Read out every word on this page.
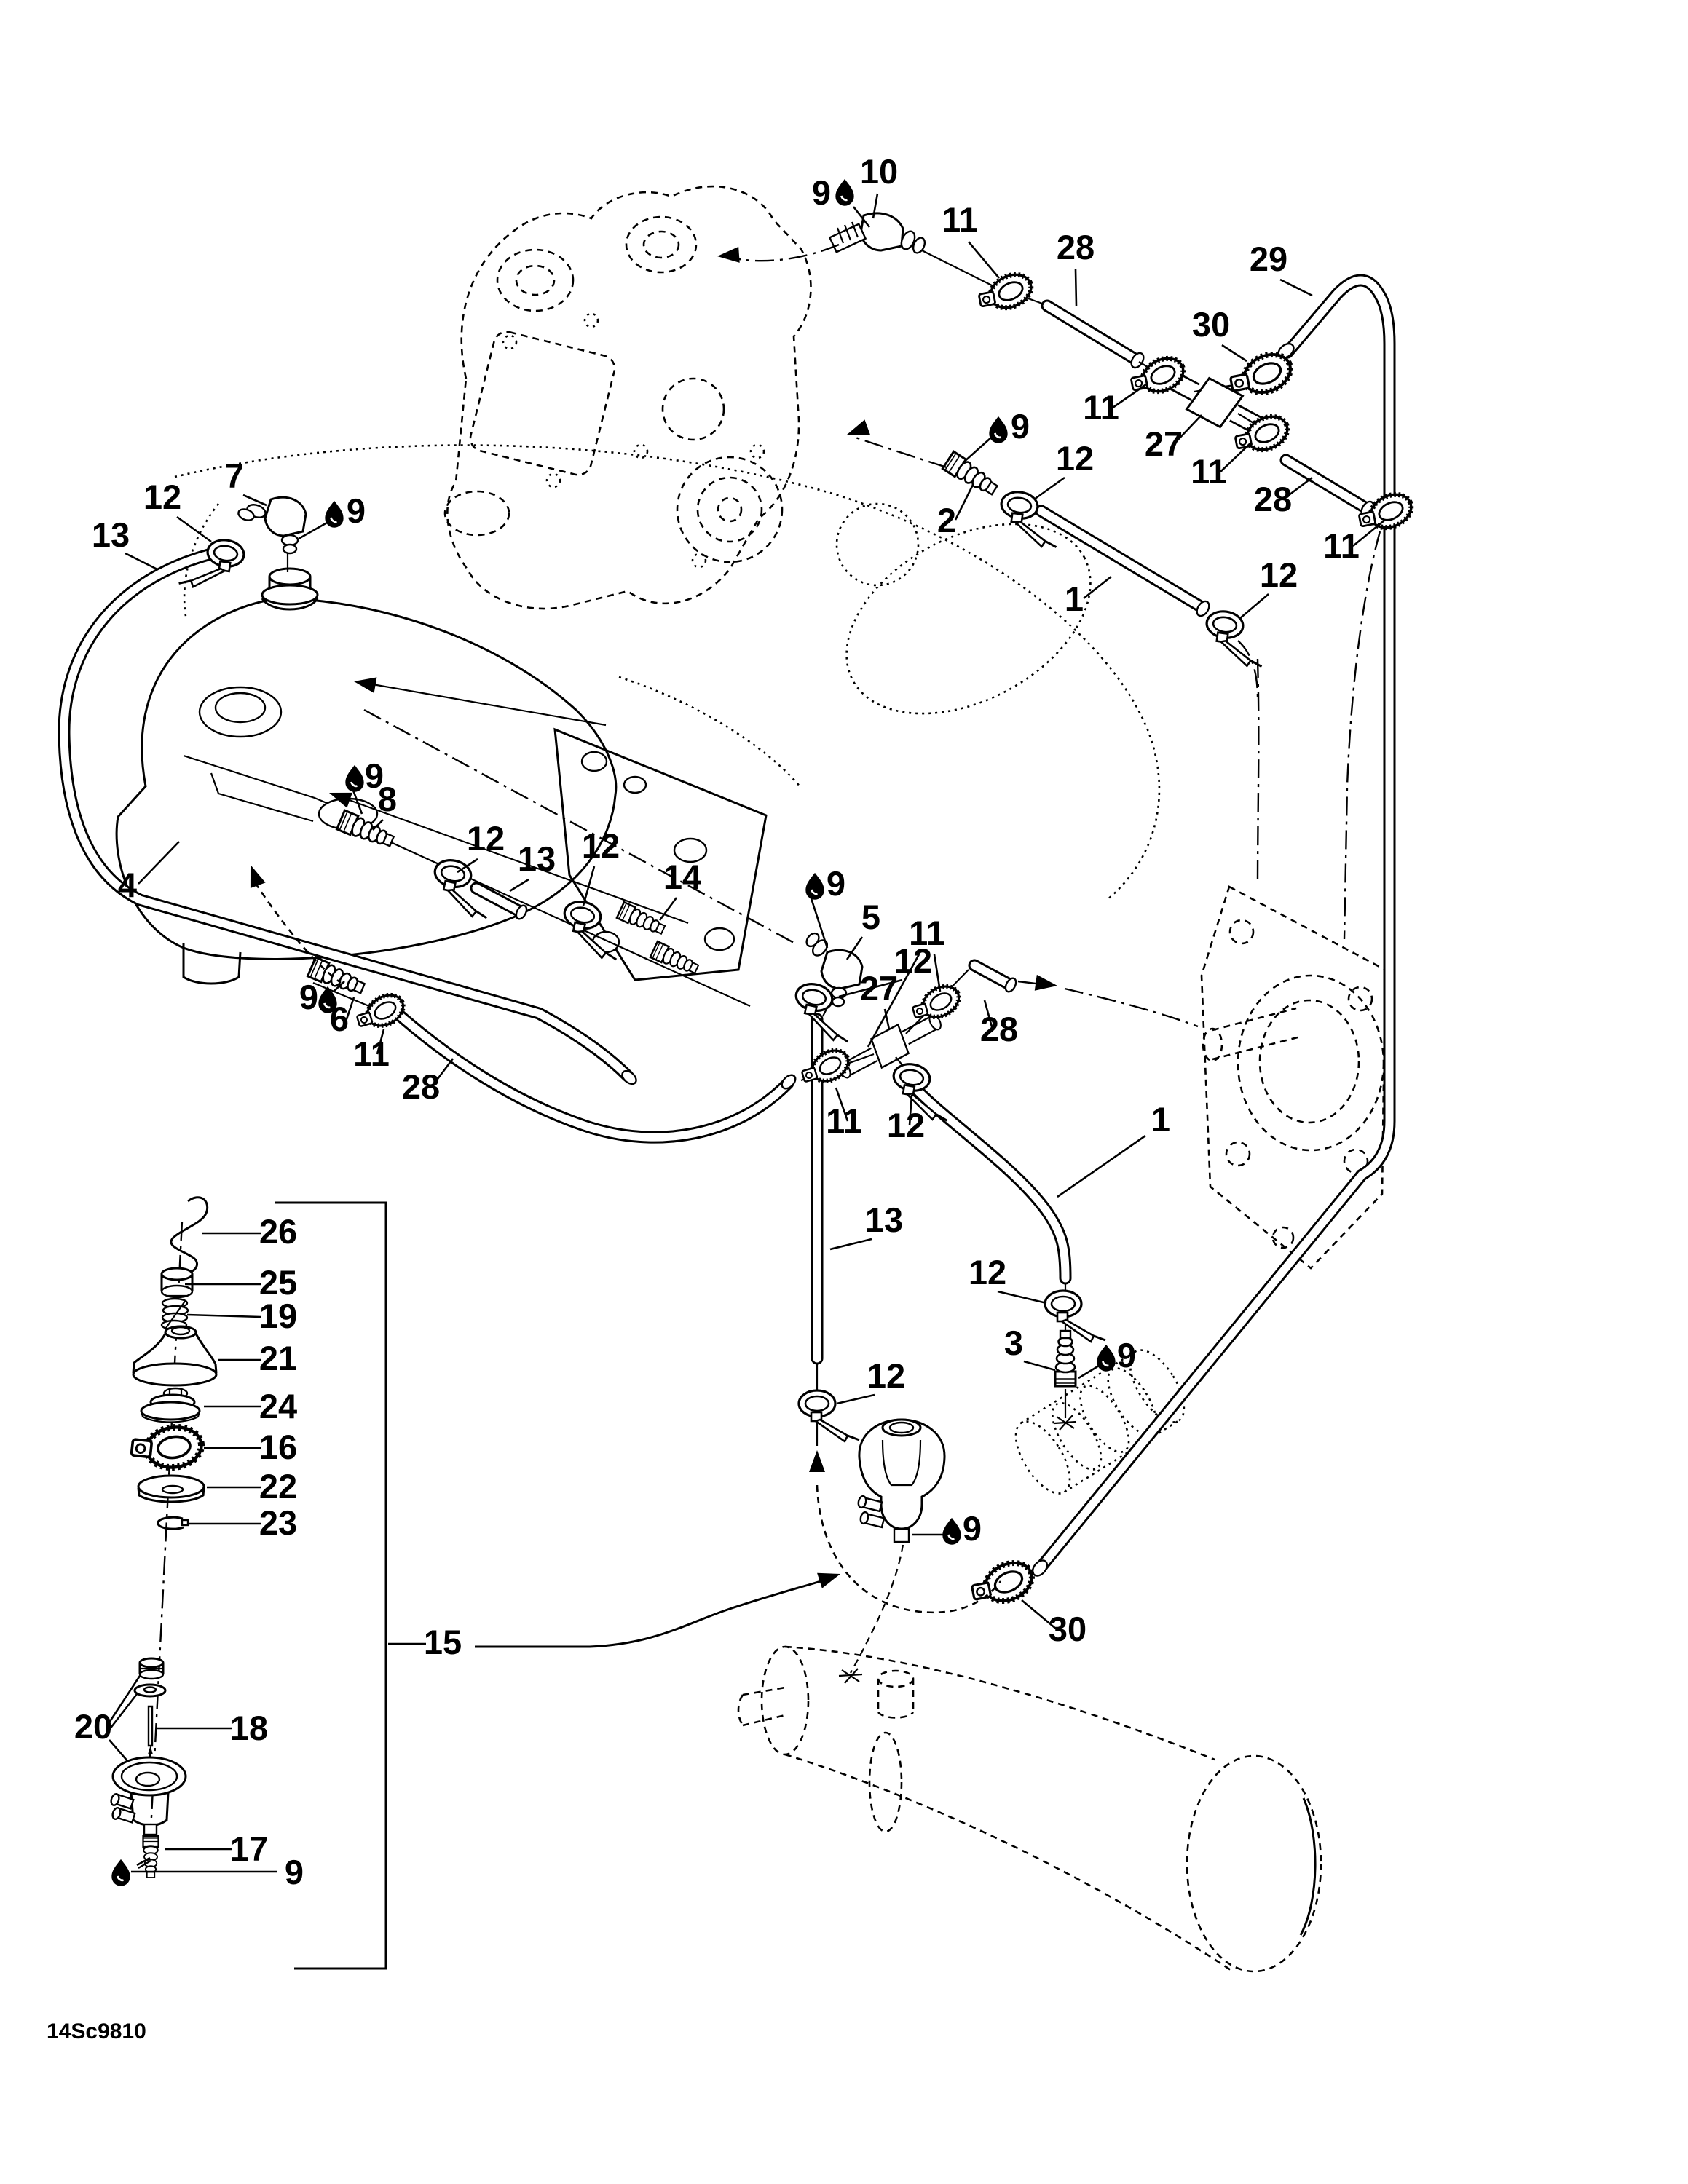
9
10
11
28	29
30
11
27
11
28
11
9
2
12
1
12
13
12
7
9
4
9
6
11
28
9
8
12
13 12
14	9
5
12
27
11
28
11 12	1
13
12
12
3	9
9
30
15
26
25
19
21
24
16
22
23
20	18
17
9
14Sc9810
